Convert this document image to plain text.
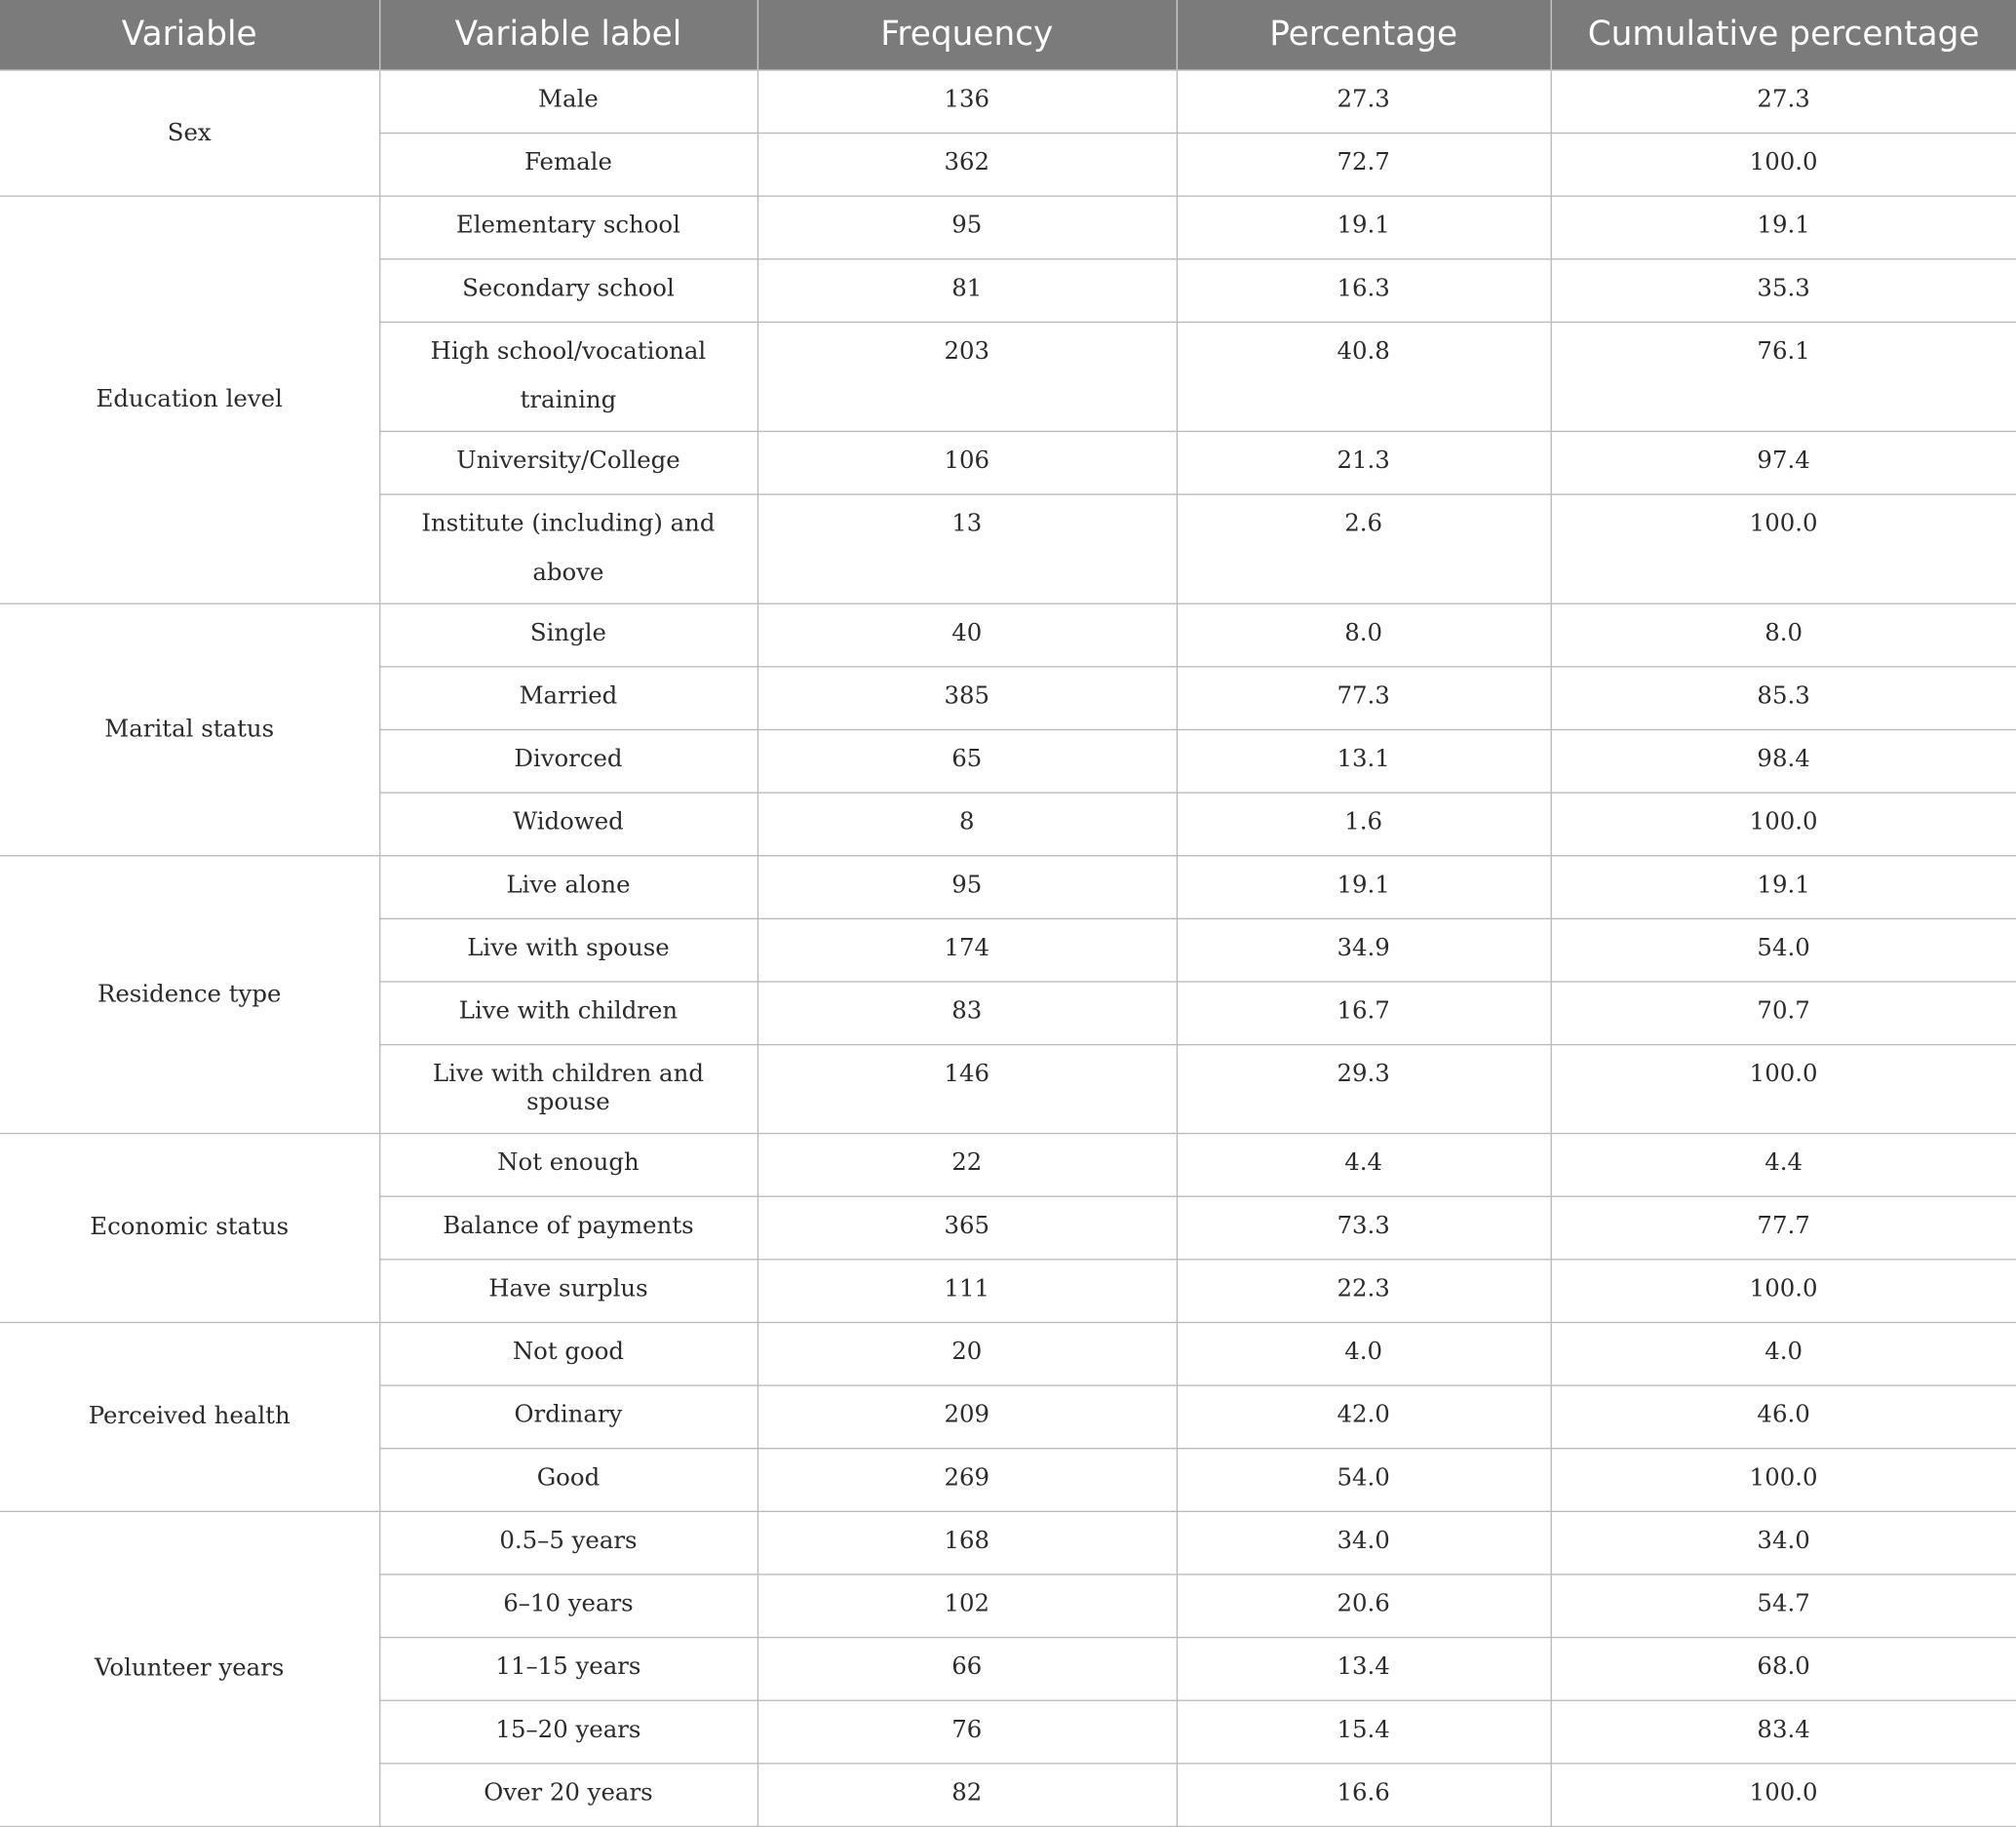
Variable	Variable label	Frequency	Percentage	Cumulative percentage
Sex	Male	136	27.3	27.3
	Female	362	72.7	100.0
Education level	Elementary school	95	19.1	19.1
	Secondary school	81	16.3	35.3
	High school/vocational training	203	40.8	76.1
	University/College	106	21.3	97.4
	Institute (including) and above	13	2.6	100.0
Marital status	Single	40	8.0	8.0
	Married	385	77.3	85.3
	Divorced	65	13.1	98.4
	Widowed	8	1.6	100.0
Residence type	Live alone	95	19.1	19.1
	Live with spouse	174	34.9	54.0
	Live with children	83	16.7	70.7
	Live with children and spouse	146	29.3	100.0
Economic status	Not enough	22	4.4	4.4
	Balance of payments	365	73.3	77.7
	Have surplus	111	22.3	100.0
Perceived health	Not good	20	4.0	4.0
	Ordinary	209	42.0	46.0
	Good	269	54.0	100.0
Volunteer years	0.5–5 years	168	34.0	34.0
	6–10 years	102	20.6	54.7
	11–15 years	66	13.4	68.0
	15–20 years	76	15.4	83.4
	Over 20 years	82	16.6	100.0
